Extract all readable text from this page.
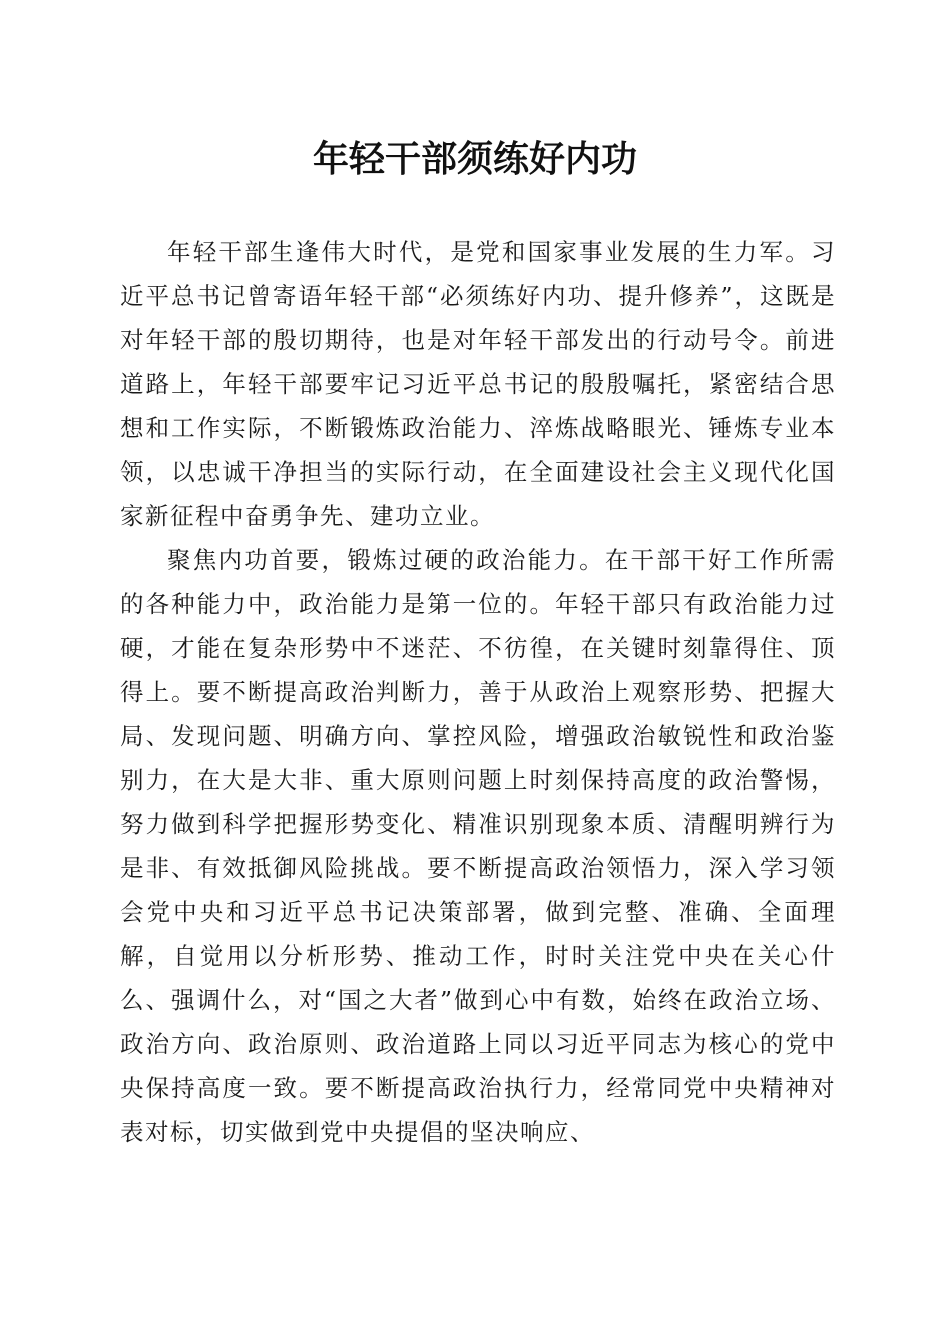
年轻干部须练好内功

年轻干部生逢伟大时代，是党和国家事业发展的生力军。习近平总书记曾寄语年轻干部“必须练好内功、提升修养”，这既是对年轻干部的殷切期待，也是对年轻干部发出的行动号令。前进道路上，年轻干部要牢记习近平总书记的殷殷嘱托，紧密结合思想和工作实际，不断锻炼政治能力、淬炼战略眼光、锤炼专业本领，以忠诚干净担当的实际行动，在全面建设社会主义现代化国家新征程中奋勇争先、建功立业。

聚焦内功首要，锻炼过硬的政治能力。在干部干好工作所需的各种能力中，政治能力是第一位的。年轻干部只有政治能力过硬，才能在复杂形势中不迷茫、不彷徨，在关键时刻靠得住、顶得上。要不断提高政治判断力，善于从政治上观察形势、把握大局、发现问题、明确方向、掌控风险，增强政治敏锐性和政治鉴别力，在大是大非、重大原则问题上时刻保持高度的政治警惕，努力做到科学把握形势变化、精准识别现象本质、清醒明辨行为是非、有效抵御风险挑战。要不断提高政治领悟力，深入学习领会党中央和习近平总书记决策部署，做到完整、准确、全面理解，自觉用以分析形势、推动工作，时时关注党中央在关心什么、强调什么，对“国之大者”做到心中有数，始终在政治立场、政治方向、政治原则、政治道路上同以习近平同志为核心的党中央保持高度一致。要不断提高政治执行力，经常同党中央精神对表对标，切实做到党中央提倡的坚决响应、
